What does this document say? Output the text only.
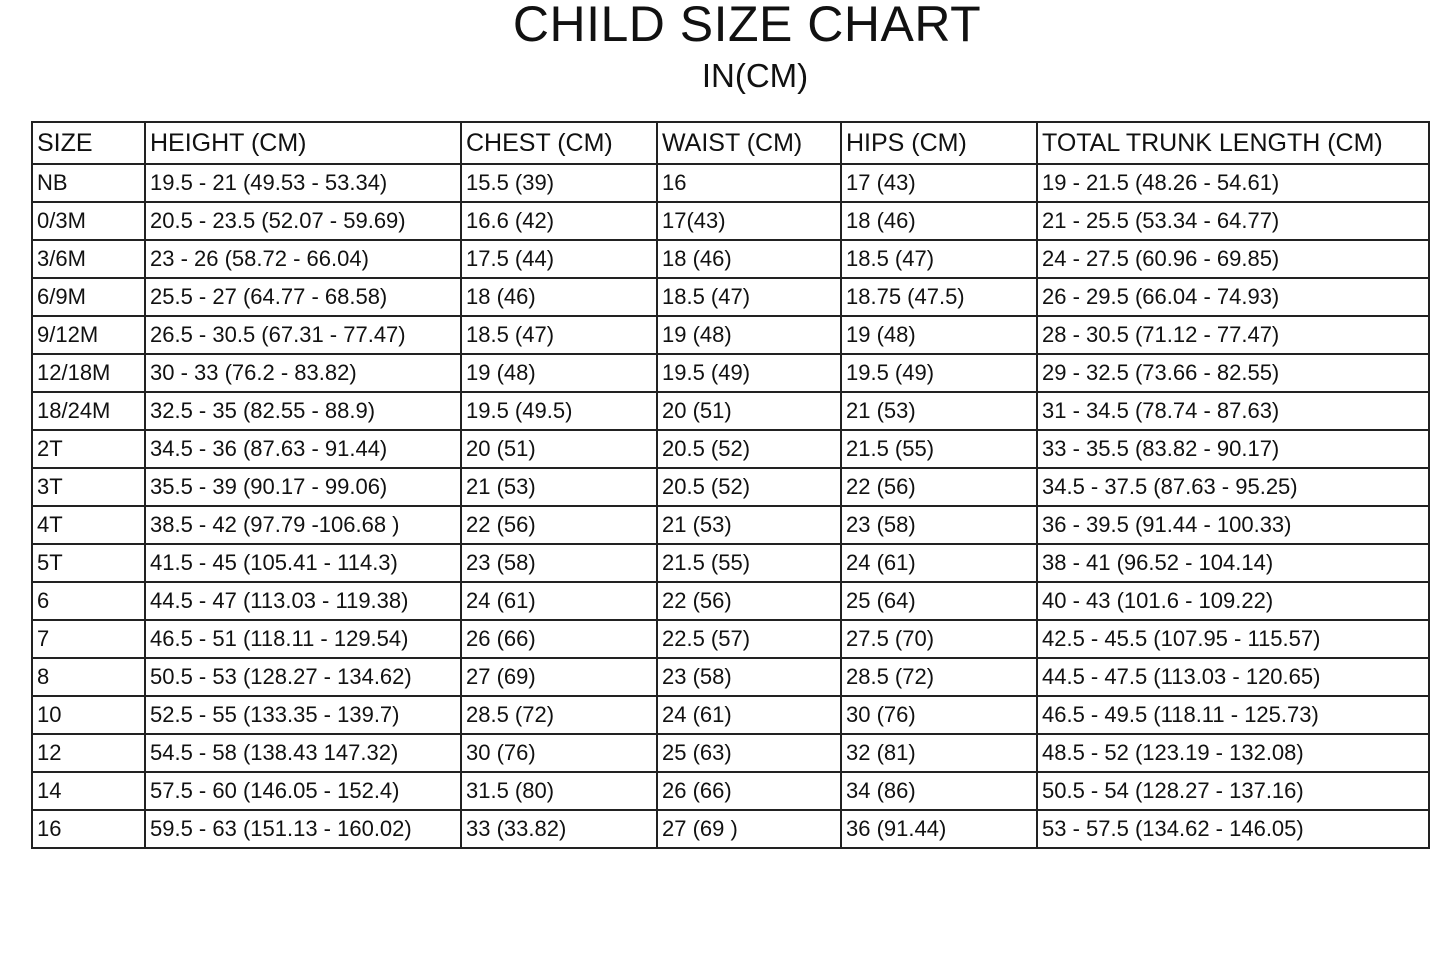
CHILD SIZE CHART
IN(CM)
SIZE	HEIGHT (CM)	CHEST (CM)	WAIST (CM)	HIPS (CM)	TOTAL TRUNK LENGTH (CM)
NB	19.5 - 21 (49.53 - 53.34)	15.5 (39)	16	17 (43)	19 - 21.5 (48.26 - 54.61)
0/3M	20.5 - 23.5 (52.07 - 59.69)	16.6 (42)	17(43)	18 (46)	21 - 25.5 (53.34 - 64.77)
3/6M	23 - 26 (58.72 - 66.04)	17.5 (44)	18 (46)	18.5 (47)	24 - 27.5 (60.96 - 69.85)
6/9M	25.5 - 27 (64.77 - 68.58)	18 (46)	18.5 (47)	18.75 (47.5)	26 - 29.5 (66.04 - 74.93)
9/12M	26.5 - 30.5 (67.31 - 77.47)	18.5 (47)	19 (48)	19 (48)	28 - 30.5 (71.12 - 77.47)
12/18M	30 - 33 (76.2 - 83.82)	19 (48)	19.5 (49)	19.5 (49)	29 - 32.5 (73.66 - 82.55)
18/24M	32.5 - 35 (82.55 - 88.9)	19.5 (49.5)	20 (51)	21 (53)	31 - 34.5 (78.74 - 87.63)
2T	34.5 - 36 (87.63 - 91.44)	20 (51)	20.5 (52)	21.5 (55)	33 - 35.5 (83.82 - 90.17)
3T	35.5 - 39 (90.17 - 99.06)	21 (53)	20.5 (52)	22 (56)	34.5 - 37.5 (87.63 - 95.25)
4T	38.5 - 42 (97.79 -106.68 )	22 (56)	21 (53)	23 (58)	36 - 39.5 (91.44 - 100.33)
5T	41.5 - 45 (105.41 - 114.3)	23 (58)	21.5 (55)	24 (61)	38 - 41 (96.52 - 104.14)
6	44.5 - 47 (113.03 - 119.38)	24 (61)	22 (56)	25 (64)	40 - 43 (101.6 - 109.22)
7	46.5 - 51 (118.11 - 129.54)	26 (66)	22.5 (57)	27.5 (70)	42.5 - 45.5 (107.95 - 115.57)
8	50.5 - 53 (128.27 - 134.62)	27 (69)	23 (58)	28.5 (72)	44.5 - 47.5 (113.03 - 120.65)
10	52.5 - 55 (133.35 - 139.7)	28.5 (72)	24 (61)	30 (76)	46.5 - 49.5 (118.11 - 125.73)
12	54.5 - 58 (138.43 147.32)	30 (76)	25 (63)	32 (81)	48.5 - 52 (123.19 - 132.08)
14	57.5 - 60 (146.05 - 152.4)	31.5 (80)	26 (66)	34 (86)	50.5 - 54 (128.27 - 137.16)
16	59.5 - 63 (151.13 - 160.02)	33 (33.82)	27 (69 )	36 (91.44)	53 - 57.5 (134.62 - 146.05)
